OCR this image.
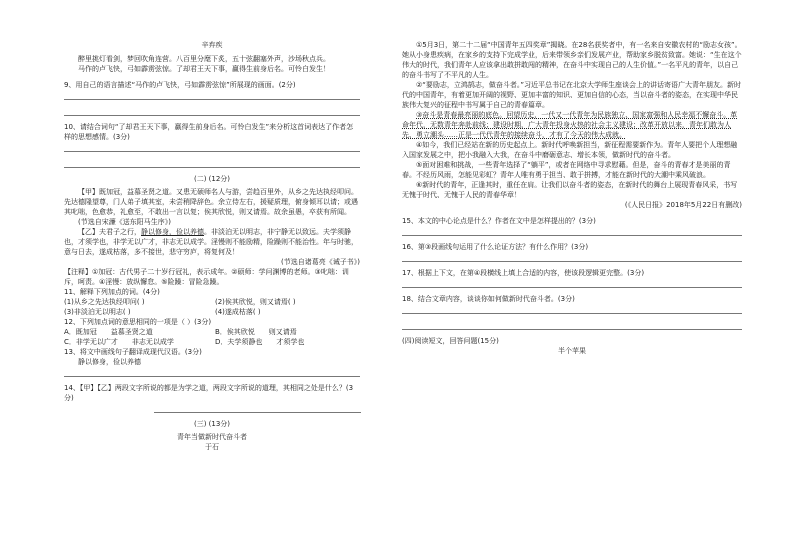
辛弃疾

醉里挑灯看剑，梦回吹角连营。八百里分麾下炙，五十弦翻塞外声，沙场秋点兵。

马作的卢飞快，弓如霹雳弦惊。了却君王天下事，赢得生前身后名。可怜白发生！

9、用自己的语言描述“马作的卢飞快，弓如霹雳弦惊”所展现的画面。(2分)

10、请结合词句“了却君王天下事，赢得生前身后名。可怜白发生”来分析这首词表达了作者怎样的思想感情。(3分)

(二) (12分)

【甲】既加冠，益慕圣贤之道。又患无硕师名人与游，尝趋百里外，从乡之先达执经叩问。先达德隆望尊，门人弟子填其室，未尝稍降辞色。余立侍左右，援疑质理，俯身倾耳以请；或遇其叱咄，色愈恭，礼愈至，不敢出一言以复；俟其欣悦，则又请焉。故余虽愚，卒获有所闻。

(节选自宋濂《送东阳马生序》)

【乙】夫君子之行，静以修身，俭以养德。非淡泊无以明志，非宁静无以致远。夫学须静也，才须学也，非学无以广才，非志无以成学。淫慢则不能励精，险躁则不能治性。年与时驰，意与日去，遂成枯落，多不接世，悲守穷庐，将复何及！

(节选自诸葛亮《诫子书》)

【注释】①加冠：古代男子二十岁行冠礼，表示成年。②硕师：学问渊博的老师。③叱咄：训斥，呵责。④淫慢：放纵懈怠。⑤险躁：冒险急躁。

11、解释下列加点的词。(4分)

(1)从乡之先达执经叩问( )	(2)俟其欣悦，则又请焉( )
(3)非淡泊无以明志( )	(4)遂成枯落( )

12、下列加点词的意思相同的一项是（ ）(3分)

A．既加冠　　益慕圣贤之道	B．俟其欣悦　　则又请焉
C．非学无以广才　　非志无以成学	D．夫学须静也　　才须学也

13、将文中画线句子翻译成现代汉语。(3分)

静以修身，俭以养德

14、【甲】【乙】两段文字所说的都是为学之道，两段文字所说的道理，其相同之处是什么？(3分)

(三) (13分)
青年当做新时代奋斗者
于石

①5月3日，第二十二届“中国青年五四奖章”揭晓。在28名获奖者中，有一名来自安徽农村的“励志女孩”。她从小身患疾病，在家乡的支持下完成学业，后来带领乡亲们发展产业，帮助家乡脱贫致富。她说：“生在这个伟大的时代，我们青年人应该拿出敢拼敢闯的精神，在奋斗中实现自己的人生价值。”一名平凡的青年，以自己的奋斗书写了不平凡的人生。

②“要励志，立鸿鹄志，做奋斗者。”习近平总书记在北京大学师生座谈会上的讲话寄语广大青年朋友。新时代的中国青年，有着更加开阔的视野、更加丰富的知识、更加自信的心态，当以奋斗者的姿态，在实现中华民族伟大复兴的征程中书写属于自己的青春篇章。

③奋斗是青春最亮丽的底色。回望历史，一代又一代青年为民族独立、国家富强和人民幸福不懈奋斗。革命年代，无数青年奔赴前线；建设时期，广大青年投身火热的社会主义建设；改革开放以来，青年们敢为人先、勇立潮头……正是一代代青年的接续奋斗，才有了今天的伟大成就。

④如今，我们已经站在新的历史起点上。新时代呼唤新担当，新征程需要新作为。青年人要把个人理想融入国家发展之中，把小我融入大我，在奋斗中磨砺意志、增长本领，做新时代的奋斗者。

⑤面对困难和挑战，一些青年选择了“躺平”，或者在网络中寻求慰藉。但是，奋斗的青春才是美丽的青春。不经历风雨，怎能见彩虹？青年人唯有勇于担当、敢于拼搏，才能在新时代的大潮中乘风破浪。

⑥新时代的青年，正逢其时，重任在肩。让我们以奋斗者的姿态，在新时代的舞台上展现青春风采，书写无愧于时代、无愧于人民的青春华章！

(《人民日报》2018年5月22日有删改)

15、本文的中心论点是什么？作者在文中是怎样提出的？(3分)

16、第③段画线句运用了什么论证方法？有什么作用？(3分)

17、根据上下文，在第④段横线上填上合适的内容，使该段逻辑更完整。(3分)

18、结合文章内容，谈谈你如何做新时代奋斗者。(3分)

(四)阅读短文，回答问题(15分)

半个苹果
